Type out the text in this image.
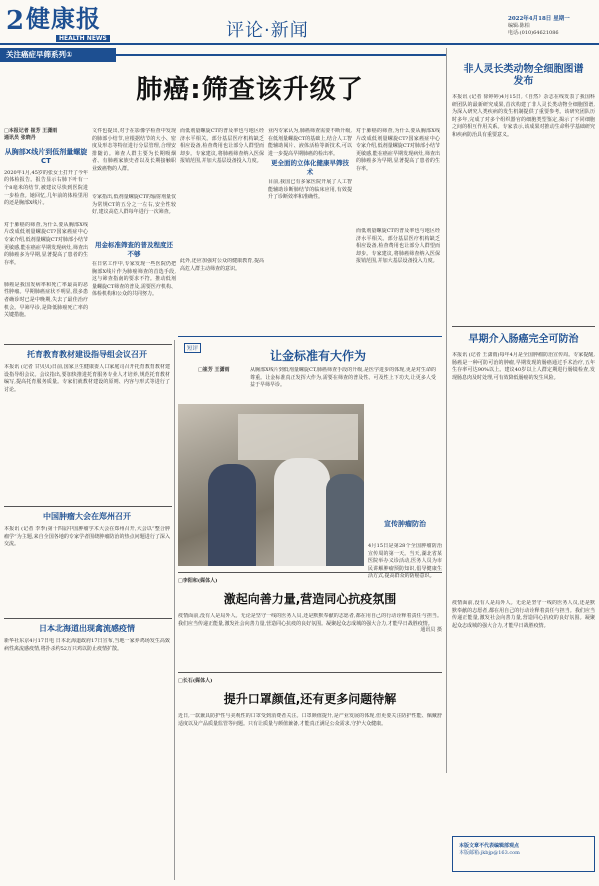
2 健康报
HEALTH NEWS	评论·新闻
2022年4月18日 星期一
编辑:陈柏
电话:(010)64621086
关注癌症早筛系列①
肺癌:筛查该升级了
□本报记者 崔芳 王潇雨
通讯员 张晓丹
从胸部X线片到低剂量螺旋CT
2020年1月,45岁的张女士打开了今年的体检报告。报告显示右肺下叶有一个8毫米的结节,被建议尽快到医院进一步检查。她回忆,几年前的体检里用的还是胸部X线片。
对于肺癌的筛查,为什么要从胸部X线片改成低剂量螺旋CT?国家癌症中心专家介绍,低剂量螺旋CT对肺部小结节更敏感,能在癌症早期发现病灶,筛查出的肺癌多为早期,显著提高了患者的生存率。
肺癌是我国发病率和死亡率最高的恶性肿瘤。早期肺癌症状不明显,很多患者确诊时已是中晚期,失去了最佳治疗机会。早筛早诊,是降低肺癌死亡率的关键措施。
文件也提出,对于在影像学检查中发现的肺部小结节,应根据结节的大小、密度及形态等特征进行分层管理,合理安排随访。筛查人群主要为长期吸烟者、有肺癌家族史者以及长期接触职业致癌物的人群。
专家指出,低剂量螺旋CT的辐射剂量仅为常规CT的五分之一左右,安全性较好,建议高危人群每年进行一次筛查。
用金标准筛查的普及程度还不够
在日常工作中,专家发现一些医院仍把胸部X线片作为肺癌筛查的首选手段,这与筛查指南的要求不符。推动低剂量螺旋CT筛查的普及,需要医疗机构、体检机构和公众的共同努力。
而低剂量螺旋CT的普及率也与地区经济水平相关。部分基层医疗机构缺乏相应设备,检查费用也让部分人群望而却步。专家建议,将肺癌筛查纳入医保报销范围,并加大基层设备投入力度。
此外,还应加强对公众的健康教育,提高高危人群主动筛查的意识。
业内专家认为,肺癌筛查需要不断升级,在低剂量螺旋CT的基础上,结合人工智能辅助阅片、液体活检等新技术,可以进一步提高早期肺癌的检出率。
更全面的立体化健康早筛技术
目前,我国已有多家医院开展了人工智能辅助诊断肺结节的临床应用,有效提升了诊断效率和准确性。
对于肺癌的筛查,为什么要从胸部X线片改成低剂量螺旋CT?国家癌症中心专家介绍,低剂量螺旋CT对肺部小结节更敏感,能在癌症早期发现病灶,筛查出的肺癌多为早期,显著提高了患者的生存率。
而低剂量螺旋CT的普及率也与地区经济水平相关。部分基层医疗机构缺乏相应设备,检查费用也让部分人群望而却步。专家建议,将肺癌筛查纳入医保报销范围,并加大基层设备投入力度。
非人灵长类动物全细胞图谱发布
本报讯 (记者 徐婷婷)4月15日,《自然》杂志在线发表了我国科研团队的最新研究成果,首次构建了非人灵长类动物全细胞图谱,为深入研究人类疾病的发生机制提供了重要参考。该研究团队历时多年,完成了对多个组织器官的细胞类型鉴定,揭示了不同细胞之间的相互作用关系。专家表示,该成果对推动生命科学基础研究和疾病防治具有重要意义。
早期介入肠癌完全可防治
本报讯 (记者 王潇雨)每年4月是全国肿瘤防治宣传周。专家提醒,肠癌是一种可防可治的肿瘤,早期发现的肠癌通过手术治疗,五年生存率可达90%以上。建议40岁以上人群定期进行肠镜检查,发现肠息肉及时处理,可有效降低肠癌的发生风险。
短评	让金标准有大作为
□崔芳 王潇雨	从胸部X线片到低剂量螺旋CT,肺癌筛查手段的升级,是医学进步的体现,更是对生命的尊重。让金标准真正发挥大作为,需要在筛查的普及性、可及性上下功夫,让更多人受益于早筛早诊。
托育教育教材建设指导组会议召开
本报讯 (记者 甘贝贝)日前,国家卫生健康委人口家庭司召开托育教育教材建设指导组会议。会议指出,要加快推进托育服务专业人才培养,规范托育教材编写,提高托育服务质量。专家们就教材建设的原则、内容与形式等进行了讨论。
中国肿瘤大会在郑州召开
本报讯 (记者 李季)第十四届中国肿瘤学术大会在郑州召开,大会以“整合肿瘤学”为主题,来自全国各地的专家学者围绕肿瘤防治的热点问题进行了深入交流。
日本北海道出现禽流感疫情
新华社东京4月17日电 日本北海道政府17日宣布,当地一家养鸡场发生高致病性禽流感疫情,将扑杀约52万只鸡以防止疫情扩散。
宣传肿瘤防治
4月15日是第28个全国肿瘤防治宣传周的第一天。当天,湖北省某医院举办义诊活动,医务人员为市民讲解肿瘤预防知识,倡导健康生活方式,提高群众的防癌意识。
通讯员 摄
□李阳和(媒体人)
激起向善力量,营造同心抗疫氛围
疫情面前,没有人是局外人。无论是坚守一线的医务人员,还是默默奉献的志愿者,都在用自己的行动诠释着责任与担当。我们应当传递正能量,激发社会向善力量,营造同心抗疫的良好氛围。凝聚起众志成城的强大合力,才能早日战胜疫情。
□长石(媒体人)
提升口罩颜值,还有更多问题待解
近日,一款兼具防护性与美观性的口罩受到消费者关注。口罩颜值提升,是产业发展的体现,但更要关注防护性能、佩戴舒适度以及产品质量监管等问题。只有让质量与颜值兼备,才能真正满足公众需求,守护大众健康。
疫情面前,没有人是局外人。无论是坚守一线的医务人员,还是默默奉献的志愿者,都在用自己的行动诠释着责任与担当。我们应当传递正能量,激发社会向善力量,营造同心抗疫的良好氛围。凝聚起众志成城的强大合力,才能早日战胜疫情。
本版文章不代表编辑部观点
本版邮箱:jkbjp@163.com
